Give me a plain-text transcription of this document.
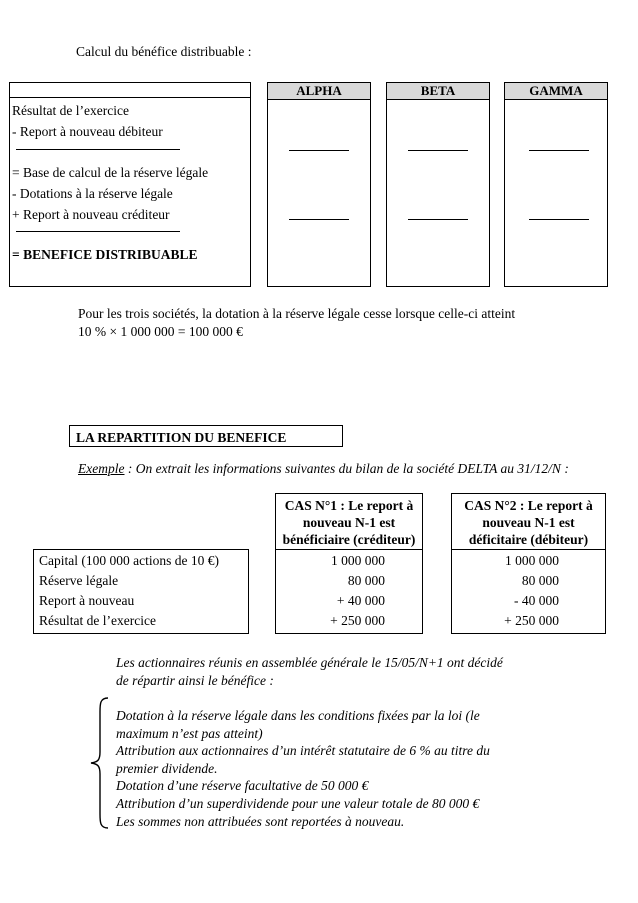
Calcul du bénéfice distribuable :
Résultat de l’exercice
- Report à nouveau débiteur
= Base de calcul de la réserve légale
- Dotations à la réserve légale
+ Report à nouveau créditeur
= BENEFICE DISTRIBUABLE
ALPHA	BETA	GAMMA
Pour les trois sociétés, la dotation à la réserve légale cesse lorsque celle-ci atteint
10 % × 1 000 000 = 100 000 €
LA REPARTITION DU BENEFICE
Exemple : On extrait les informations suivantes du bilan de la société DELTA au 31/12/N :
Capital (100 000 actions de 10 €)
Réserve légale
Report à nouveau
Résultat de l’exercice
CAS N°1 : Le report à
nouveau N-1 est
bénéficiaire (créditeur)
1 000 000
80 000
+ 40 000
+ 250 000
CAS N°2 : Le report à
nouveau N-1 est
déficitaire (débiteur)
1 000 000
80 000
- 40 000
+ 250 000
Les actionnaires réunis en assemblée générale le 15/05/N+1 ont décidé
de répartir ainsi le bénéfice :
Dotation à la réserve légale dans les conditions fixées par la loi (le
maximum n’est pas atteint)
Attribution aux actionnaires d’un intérêt statutaire de 6 % au titre du
premier dividende.
Dotation d’une réserve facultative de 50 000 €
Attribution d’un superdividende pour une valeur totale de 80 000 €
Les sommes non attribuées sont reportées à nouveau.
